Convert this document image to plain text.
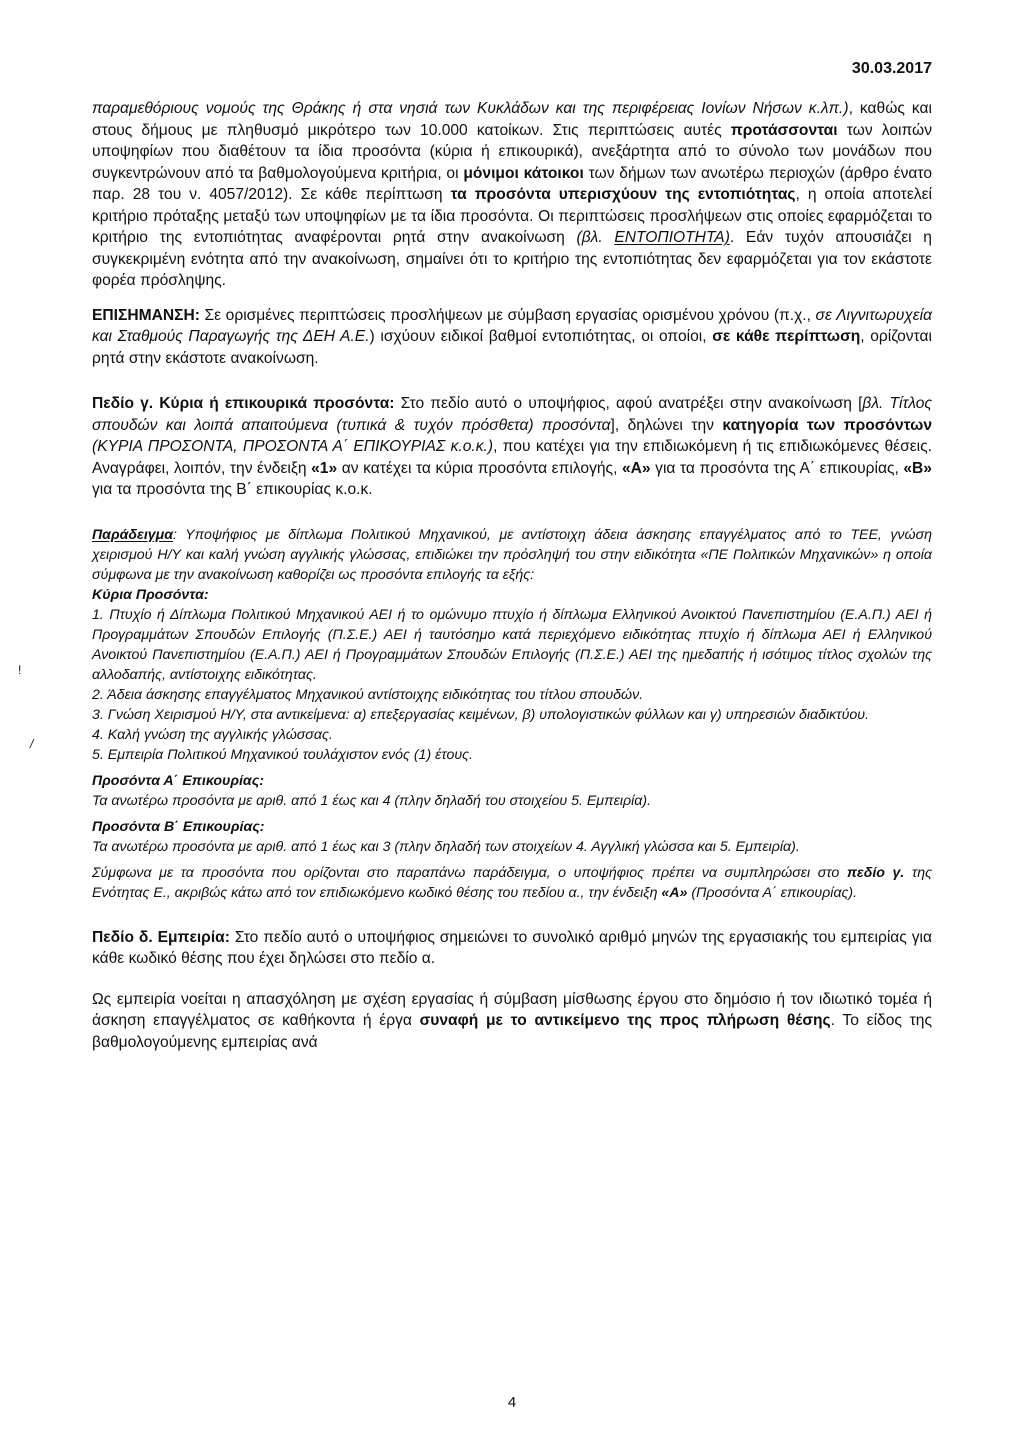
30.03.2017
!
/

παραμεθόριους νομούς της Θράκης ή στα νησιά των Κυκλάδων και της περιφέρειας Ιονίων Νήσων κ.λπ.), καθώς και στους δήμους με πληθυσμό μικρότερο των 10.000 κατοίκων. Στις περιπτώσεις αυτές προτάσσονται των λοιπών υποψηφίων που διαθέτουν τα ίδια προσόντα (κύρια ή επικουρικά), ανεξάρτητα από το σύνολο των μονάδων που συγκεντρώνουν από τα βαθμολογούμενα κριτήρια, οι μόνιμοι κάτοικοι των δήμων των ανωτέρω περιοχών (άρθρο ένατο παρ. 28 του ν. 4057/2012). Σε κάθε περίπτωση τα προσόντα υπερισχύουν της εντοπιότητας, η οποία αποτελεί κριτήριο πρόταξης μεταξύ των υποψηφίων με τα ίδια προσόντα. Οι περιπτώσεις προσλήψεων στις οποίες εφαρμόζεται το κριτήριο της εντοπιότητας αναφέρονται ρητά στην ανακοίνωση (βλ. ΕΝΤΟΠΙΟΤΗΤΑ). Εάν τυχόν απουσιάζει η συγκεκριμένη ενότητα από την ανακοίνωση, σημαίνει ότι το κριτήριο της εντοπιότητας δεν εφαρμόζεται για τον εκάστοτε φορέα πρόσληψης.

ΕΠΙΣΗΜΑΝΣΗ: Σε ορισμένες περιπτώσεις προσλήψεων με σύμβαση εργασίας ορισμένου χρόνου (π.χ., σε Λιγνιτωρυχεία και Σταθμούς Παραγωγής της ΔΕΗ Α.Ε.) ισχύουν ειδικοί βαθμοί εντοπιότητας, οι οποίοι, σε κάθε περίπτωση, ορίζονται ρητά στην εκάστοτε ανακοίνωση.

Πεδίο γ. Κύρια ή επικουρικά προσόντα: Στο πεδίο αυτό ο υποψήφιος, αφού ανατρέξει στην ανακοίνωση [βλ. Τίτλος σπουδών και λοιπά απαιτούμενα (τυπικά & τυχόν πρόσθετα) προσόντα], δηλώνει την κατηγορία των προσόντων (ΚΥΡΙΑ ΠΡΟΣΟΝΤΑ, ΠΡΟΣΟΝΤΑ Α΄ ΕΠΙΚΟΥΡΙΑΣ κ.ο.κ.), που κατέχει για την επιδιωκόμενη ή τις επιδιωκόμενες θέσεις. Αναγράφει, λοιπόν, την ένδειξη «1» αν κατέχει τα κύρια προσόντα επιλογής, «Α» για τα προσόντα της Α΄ επικουρίας, «Β» για τα προσόντα της Β΄ επικουρίας κ.ο.κ.

Παράδειγμα: Υποψήφιος με δίπλωμα Πολιτικού Μηχανικού, με αντίστοιχη άδεια άσκησης επαγγέλματος από το ΤΕΕ, γνώση χειρισμού Η/Υ και καλή γνώση αγγλικής γλώσσας, επιδιώκει την πρόσληψή του στην ειδικότητα «ΠΕ Πολιτικών Μηχανικών» η οποία σύμφωνα με την ανακοίνωση καθορίζει ως προσόντα επιλογής τα εξής:

Κύρια Προσόντα:

1. Πτυχίο ή Δίπλωμα Πολιτικού Μηχανικού ΑΕΙ ή το ομώνυμο πτυχίο ή δίπλωμα Ελληνικού Ανοικτού Πανεπιστημίου (Ε.Α.Π.) ΑΕΙ ή Προγραμμάτων Σπουδών Επιλογής (Π.Σ.Ε.) ΑΕΙ ή ταυτόσημο κατά περιεχόμενο ειδικότητας πτυχίο ή δίπλωμα ΑΕΙ ή Ελληνικού Ανοικτού Πανεπιστημίου (Ε.Α.Π.) ΑΕΙ ή Προγραμμάτων Σπουδών Επιλογής (Π.Σ.Ε.) ΑΕΙ της ημεδαπής ή ισότιμος τίτλος σχολών της αλλοδαπής, αντίστοιχης ειδικότητας.

2. Άδεια άσκησης επαγγέλματος Μηχανικού αντίστοιχης ειδικότητας του τίτλου σπουδών.

3. Γνώση Χειρισμού Η/Υ, στα αντικείμενα: α) επεξεργασίας κειμένων, β) υπολογιστικών φύλλων και γ) υπηρεσιών διαδικτύου.

4. Καλή γνώση της αγγλικής γλώσσας.

5. Εμπειρία Πολιτικού Μηχανικού τουλάχιστον ενός (1) έτους.

Προσόντα Α΄ Επικουρίας:

Τα ανωτέρω προσόντα με αριθ. από 1 έως και 4 (πλην δηλαδή του στοιχείου 5. Εμπειρία).

Προσόντα Β΄ Επικουρίας:

Τα ανωτέρω προσόντα με αριθ. από 1 έως και 3 (πλην δηλαδή των στοιχείων 4. Αγγλική γλώσσα και 5. Εμπειρία).

Σύμφωνα με τα προσόντα που ορίζονται στο παραπάνω παράδειγμα, ο υποψήφιος πρέπει να συμπληρώσει στο πεδίο γ. της Ενότητας Ε., ακριβώς κάτω από τον επιδιωκόμενο κωδικό θέσης του πεδίου α., την ένδειξη «Α» (Προσόντα Α΄ επικουρίας).

Πεδίο δ. Εμπειρία: Στο πεδίο αυτό ο υποψήφιος σημειώνει το συνολικό αριθμό μηνών της εργασιακής του εμπειρίας για κάθε κωδικό θέσης που έχει δηλώσει στο πεδίο α.

Ως εμπειρία νοείται η απασχόληση με σχέση εργασίας ή σύμβαση μίσθωσης έργου στο δημόσιο ή τον ιδιωτικό τομέα ή άσκηση επαγγέλματος σε καθήκοντα ή έργα συναφή με το αντικείμενο της προς πλήρωση θέσης. Το είδος της βαθμολογούμενης εμπειρίας ανά

4
